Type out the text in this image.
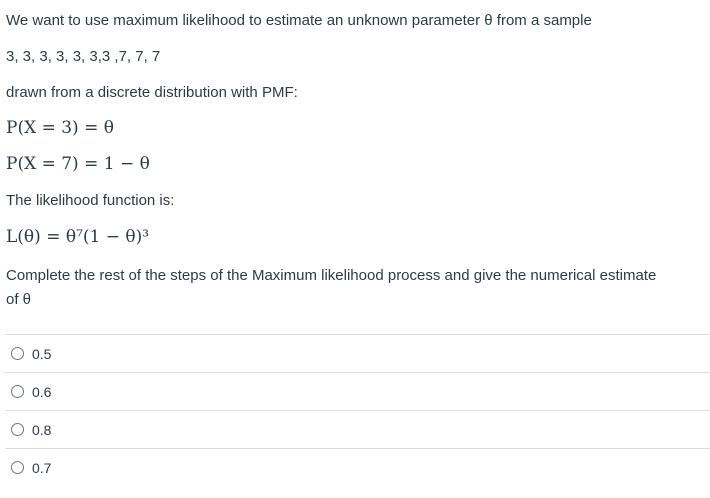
We want to use maximum likelihood to estimate an unknown parameter θ from a sample
3, 3, 3, 3, 3, 3,3 ,7, 7, 7
drawn from a discrete distribution with PMF:
P(X = 3) = θ
P(X = 7) = 1 − θ
The likelihood function is:
L(θ) = θ⁷(1 − θ)³
Complete the rest of the steps of the Maximum likelihood process and give the numerical estimate
of θ
0.5
0.6
0.8
0.7
